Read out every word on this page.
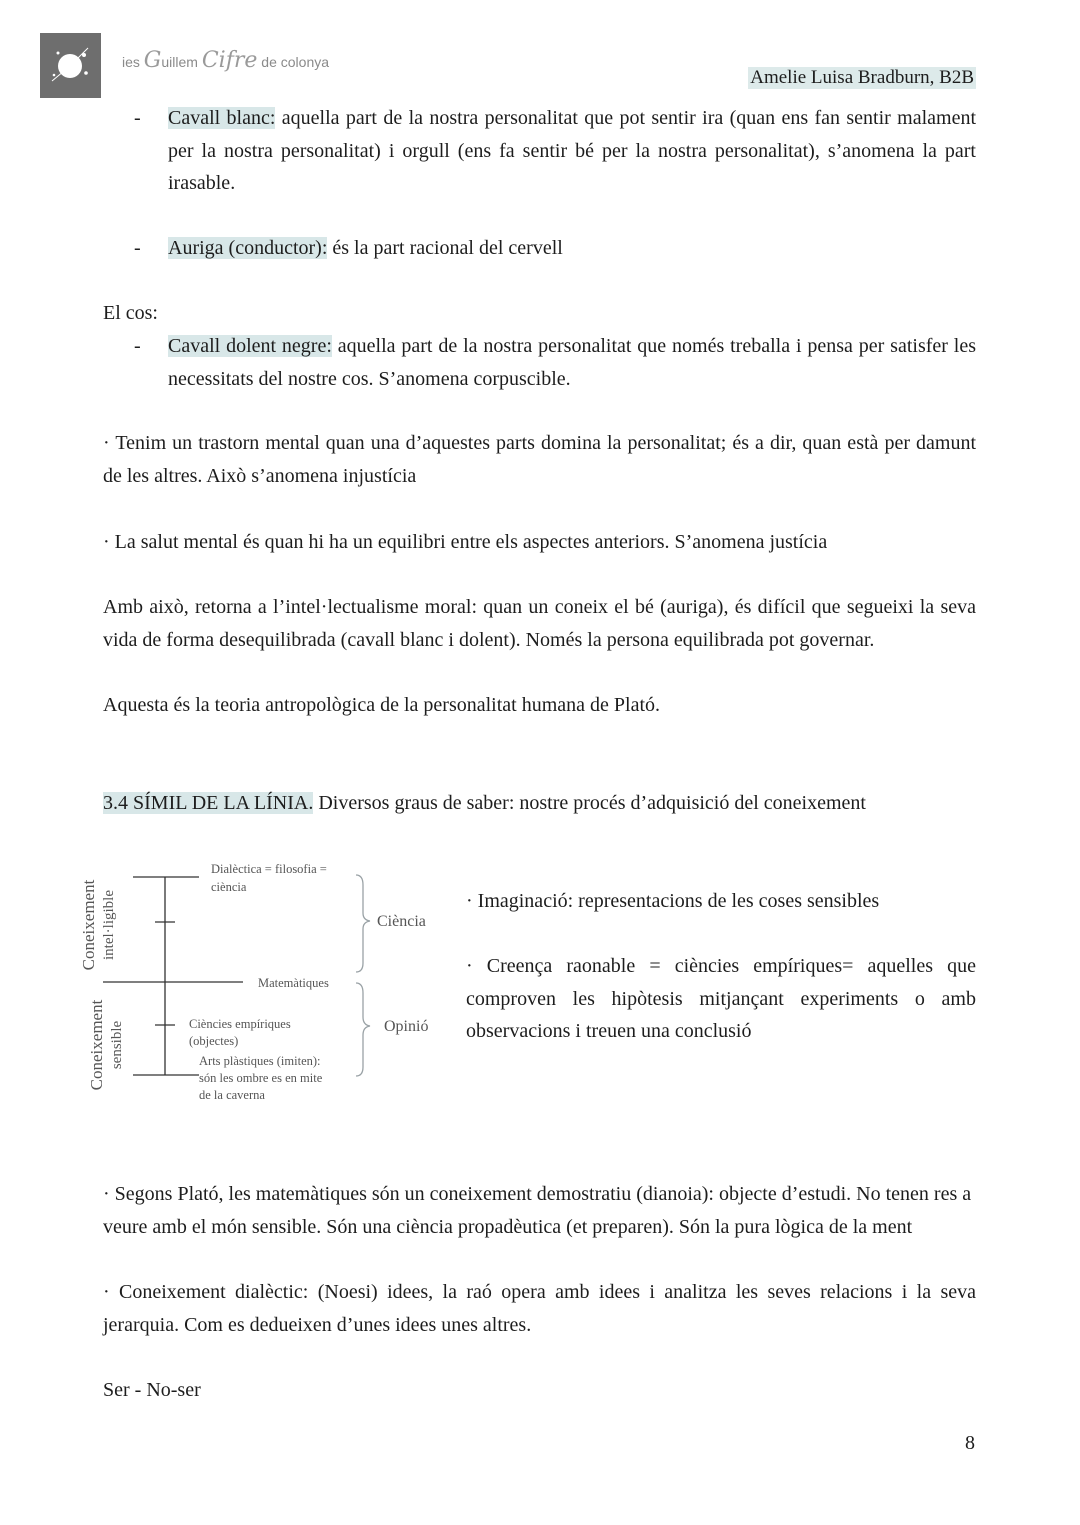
ies Guillem Cifre de colonya
Amelie Luisa Bradburn, B2B
- Cavall blanc: aquella part de la nostra personalitat que pot sentir ira (quan ens fan sentir malament per la nostra personalitat) i orgull (ens fa sentir bé per la nostra personalitat), s’anomena la part irasable.
- Auriga (conductor): és la part racional del cervell
El cos:
- Cavall dolent negre: aquella part de la nostra personalitat que només treballa i pensa per satisfer les necessitats del nostre cos. S’anomena corpuscible.
· Tenim un trastorn mental quan una d’aquestes parts domina la personalitat; és a dir, quan està per damunt de les altres. Això s’anomena injustícia
· La salut mental és quan hi ha un equilibri entre els aspectes anteriors. S’anomena justícia
Amb això, retorna a l’intel·lectualisme moral: quan un coneix el bé (auriga), és difícil que segueixi la seva vida de forma desequilibrada (cavall blanc i dolent). Només la persona equilibrada pot governar.
Aquesta és la teoria antropològica de la personalitat humana de Plató.
3.4 SÍMIL DE LA LÍNIA. Diversos graus de saber: nostre procés d’adquisició del coneixement
Coneixement intel·ligible
Coneixement sensible
Dialèctica = filosofia =
ciència
Matemàtiques
Ciències empíriques
(objectes)
Arts plàstiques (imiten):
són les ombre es en mite
de la caverna
Ciència
Opinió
· Imaginació: representacions de les coses sensibles
· Creença raonable = ciències empíriques= aquelles que comproven les hipòtesis mitjançant experiments o amb observacions i treuen una conclusió
· Segons Plató, les matemàtiques són un coneixement demostratiu (dianoia): objecte d’estudi. No tenen res a veure amb el món sensible. Són una ciència propadèutica (et preparen). Són la pura lògica de la ment
· Coneixement dialèctic: (Noesi) idees, la raó opera amb idees i analitza les seves relacions i la seva jerarquia. Com es dedueixen d’unes idees unes altres.
Ser - No-ser
8
